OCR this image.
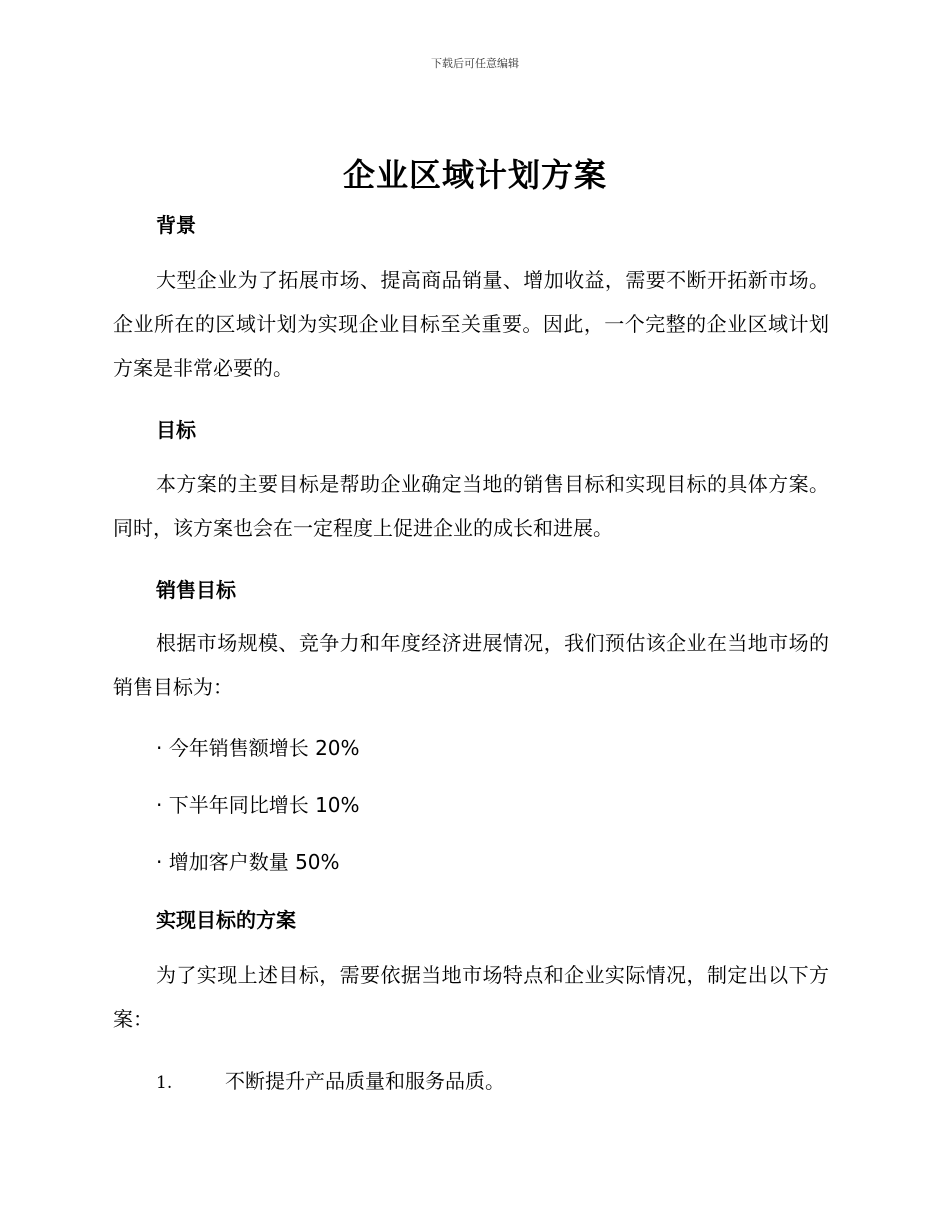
下载后可任意编辑
企业区域计划方案
背景
大型企业为了拓展市场、提高商品销量、增加收益，需要不断开拓新市场。企业所在的区域计划为实现企业目标至关重要。因此，一个完整的企业区域计划方案是非常必要的。
目标
本方案的主要目标是帮助企业确定当地的销售目标和实现目标的具体方案。同时，该方案也会在一定程度上促进企业的成长和进展。
销售目标
根据市场规模、竞争力和年度经济进展情况，我们预估该企业在当地市场的销售目标为：
· 今年销售额增长 20%
· 下半年同比增长 10%
· 增加客户数量 50%
实现目标的方案
为了实现上述目标，需要依据当地市场特点和企业实际情况，制定出以下方案：
1.	不断提升产品质量和服务品质。
